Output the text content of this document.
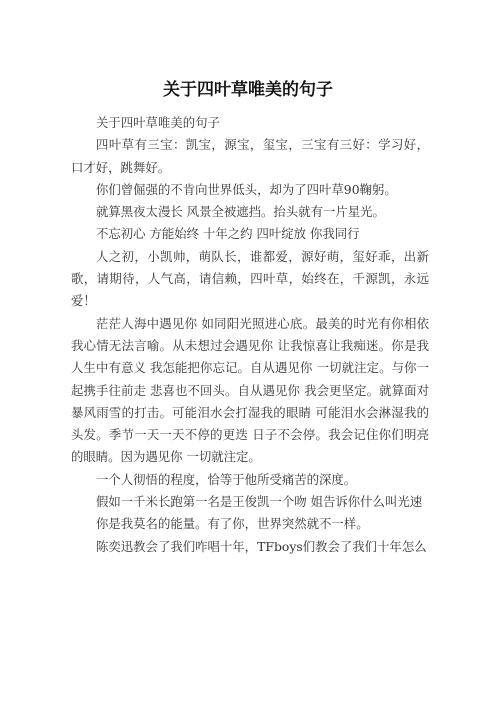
关于四叶草唯美的句子

关于四叶草唯美的句子

四叶草有三宝：凯宝，源宝，玺宝，三宝有三好：学习好，口才好，跳舞好。

你们曾倔强的不肯向世界低头，却为了四叶草90鞠躬。

就算黑夜太漫长 风景全被遮挡。抬头就有一片星光。

不忘初心 方能始终 十年之约 四叶绽放 你我同行

人之初，小凯帅，萌队长，谁都爱，源好萌，玺好乖，出新歌，请期待，人气高，请信赖，四叶草，始终在，千源凯，永远爱！

茫茫人海中遇见你 如同阳光照进心底。最美的时光有你相依我心情无法言喻。从未想过会遇见你 让我惊喜让我痴迷。你是我人生中有意义 我怎能把你忘记。自从遇见你 一切就注定。与你一起携手往前走 悲喜也不回头。自从遇见你 我会更坚定。就算面对暴风雨雪的打击。可能泪水会打湿我的眼睛 可能泪水会淋湿我的头发。季节一天一天不停的更迭 日子不会停。我会记住你们明亮的眼睛。因为遇见你 一切就注定。

一个人彻悟的程度，恰等于他所受痛苦的深度。

假如一千米长跑第一名是王俊凯一个吻 姐告诉你什么叫光速

你是我莫名的能量。有了你，世界突然就不一样。

陈奕迅教会了我们咋唱十年，TFboys们教会了我们十年怎么
